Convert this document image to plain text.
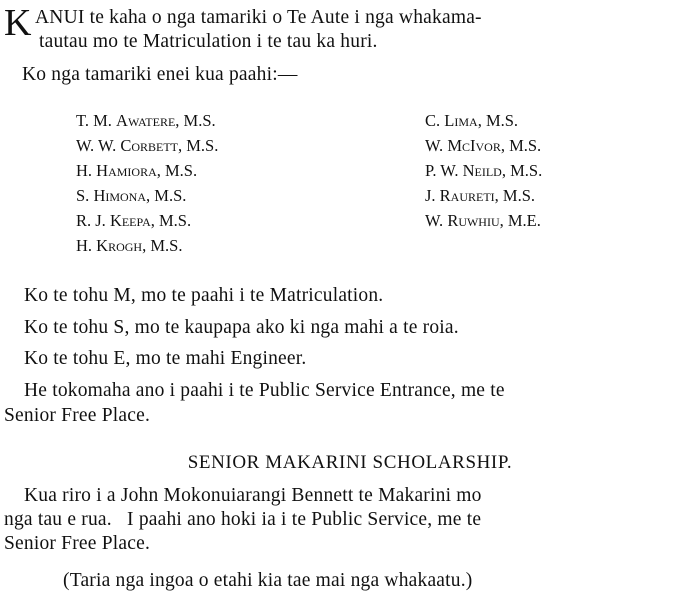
K ANUI te kaha o nga tamariki o Te Aute i nga whakama-
tautau mo te Matriculation i te tau ka huri.
Ko nga tamariki enei kua paahi:—
T. M. Awatere, M.S.
W. W. Corbett, M.S.
H. Hamiora, M.S.
S. Himona, M.S.
R. J. Keepa, M.S.
H. Krogh, M.S.
C. Lima, M.S.
W. McIvor, M.S.
P. W. Neild, M.S.
J. Raureti, M.S.
W. Ruwhiu, M.E.
Ko te tohu M, mo te paahi i te Matriculation.
Ko te tohu S, mo te kaupapa ako ki nga mahi a te roia.
Ko te tohu E, mo te mahi Engineer.
He tokomaha ano i paahi i te Public Service Entrance, me te
Senior Free Place.
SENIOR MAKARINI SCHOLARSHIP.
Kua riro i a John Mokonuiarangi Bennett te Makarini mo
nga tau e rua.   I paahi ano hoki ia i te Public Service, me te
Senior Free Place.
(Taria nga ingoa o etahi kia tae mai nga whakaatu.)
